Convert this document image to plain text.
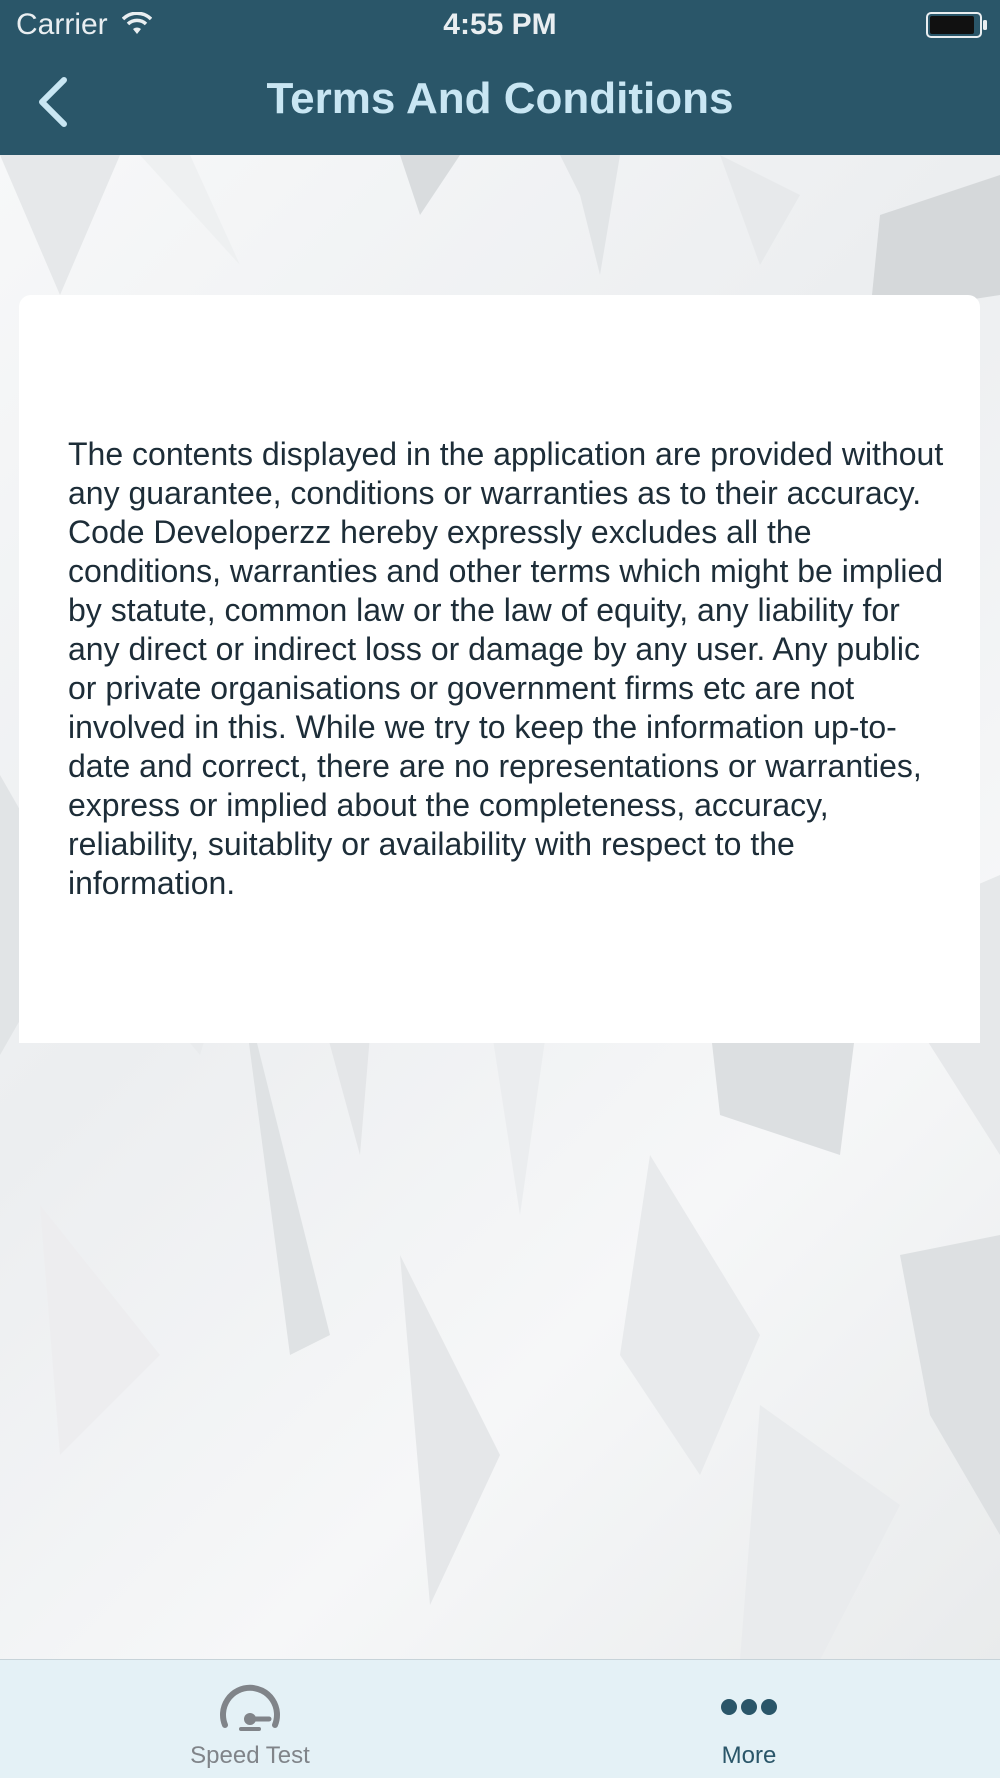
Carrier	4:55 PM
Terms And Conditions

The contents displayed in the application are provided without any guarantee, conditions or warranties as to their accuracy. Code Developerzz hereby expressly excludes all the conditions, warranties and other terms which might be implied by statute, common law or the law of equity, any liability for any direct or indirect loss or damage by any user. Any public or private organisations or government firms etc are not involved in this. While we try to keep the information up-to-date and correct, there are no representations or warranties, express or implied about the completeness, accuracy, reliability, suitablity or availability with respect to the information.

Speed Test	More
